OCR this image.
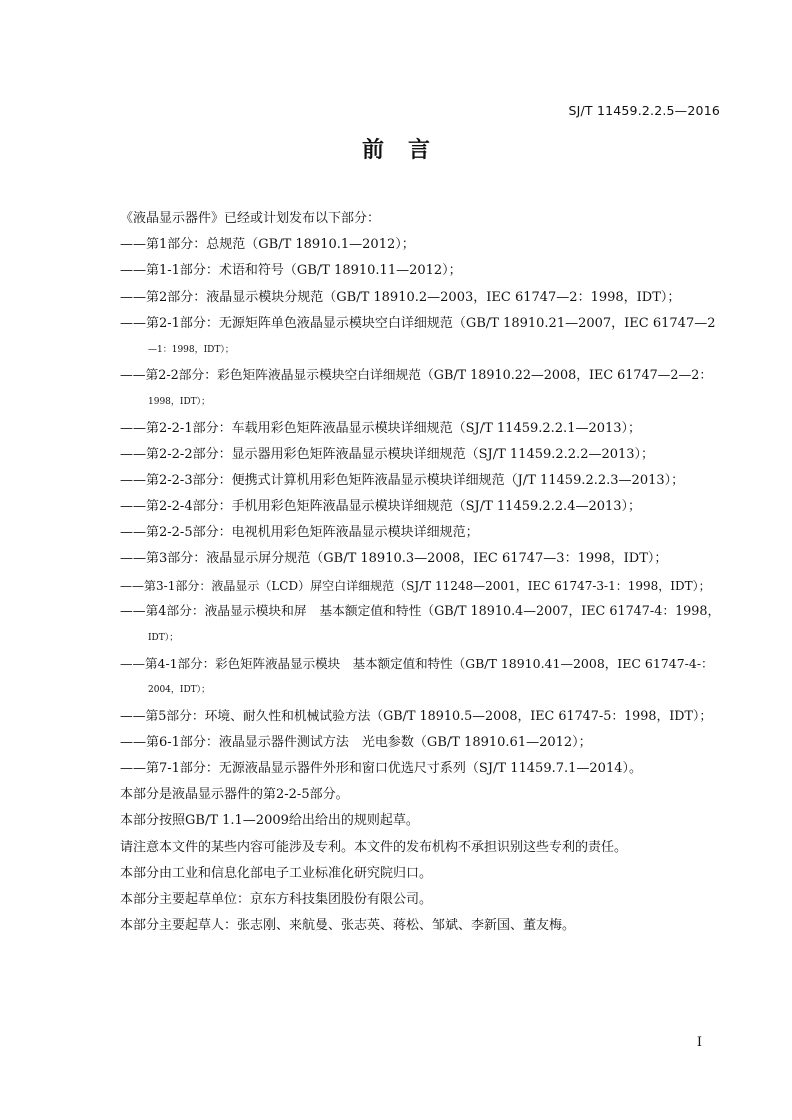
SJ/T 11459.2.2.5—2016
前言
《液晶显示器件》已经或计划发布以下部分：
——第1部分：总规范（GB/T 18910.1—2012）；
——第1-1部分：术语和符号（GB/T 18910.11—2012）；
——第2部分：液晶显示模块分规范（GB/T 18910.2—2003，IEC 61747—2：1998，IDT）；
——第2-1部分：无源矩阵单色液晶显示模块空白详细规范（GB/T 18910.21—2007，IEC 61747—2
—1：1998，IDT）；
——第2-2部分：彩色矩阵液晶显示模块空白详细规范（GB/T 18910.22—2008，IEC 61747—2—2：
1998，IDT）；
——第2-2-1部分：车载用彩色矩阵液晶显示模块详细规范（SJ/T 11459.2.2.1—2013）；
——第2-2-2部分：显示器用彩色矩阵液晶显示模块详细规范（SJ/T 11459.2.2.2—2013）；
——第2-2-3部分：便携式计算机用彩色矩阵液晶显示模块详细规范（J/T 11459.2.2.3—2013）；
——第2-2-4部分：手机用彩色矩阵液晶显示模块详细规范（SJ/T 11459.2.2.4—2013）；
——第2-2-5部分：电视机用彩色矩阵液晶显示模块详细规范；
——第3部分：液晶显示屏分规范（GB/T 18910.3—2008，IEC 61747—3：1998，IDT）；
——第3-1部分：液晶显示（LCD）屏空白详细规范（SJ/T 11248—2001，IEC 61747-3-1：1998，IDT）；
——第4部分：液晶显示模块和屏　基本额定值和特性（GB/T 18910.4—2007，IEC 61747-4：1998，
IDT）；
——第4-1部分：彩色矩阵液晶显示模块　基本额定值和特性（GB/T 18910.41—2008，IEC 61747-4-：
2004，IDT）；
——第5部分：环境、耐久性和机械试验方法（GB/T 18910.5—2008，IEC 61747-5：1998，IDT）；
——第6-1部分：液晶显示器件测试方法　光电参数（GB/T 18910.61—2012）；
——第7-1部分：无源液晶显示器件外形和窗口优选尺寸系列（SJ/T 11459.7.1—2014）。
本部分是液晶显示器件的第2-2-5部分。
本部分按照GB/T 1.1—2009给出给出的规则起草。
请注意本文件的某些内容可能涉及专利。本文件的发布机构不承担识别这些专利的责任。
本部分由工业和信息化部电子工业标准化研究院归口。
本部分主要起草单位：京东方科技集团股份有限公司。
本部分主要起草人：张志刚、来航曼、张志英、蒋松、邹斌、李新国、董友梅。
I
